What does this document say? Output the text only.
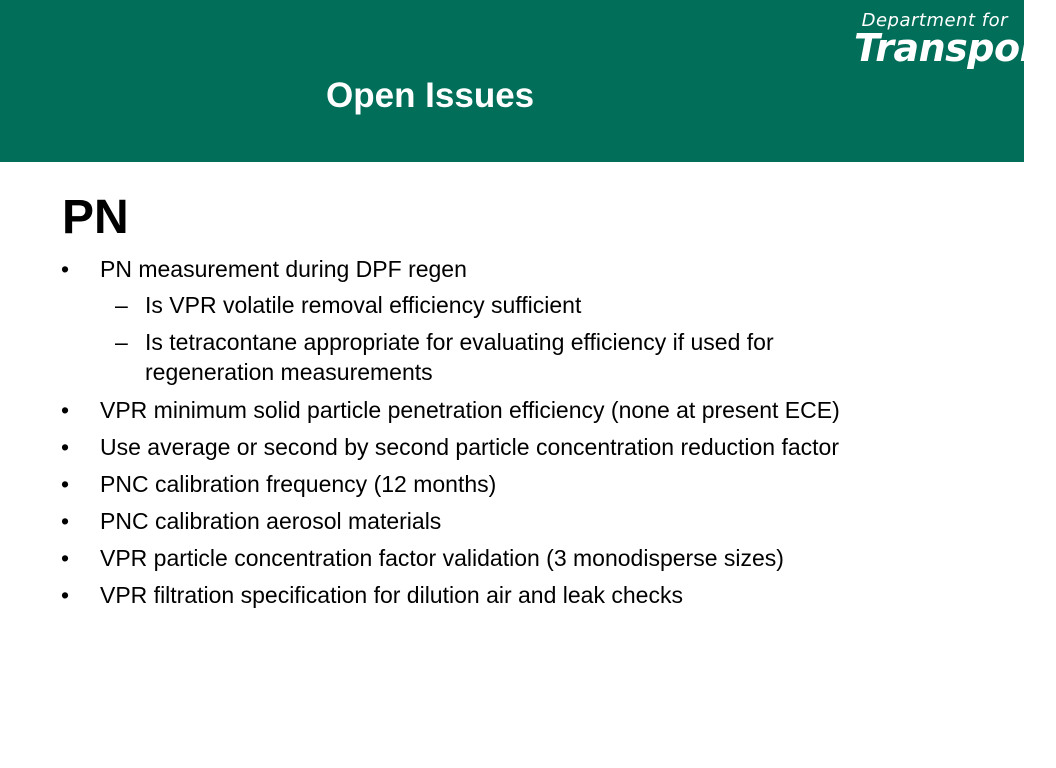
Open Issues
Department for
Transport
PN
• PN measurement during DPF regen
– Is VPR volatile removal efficiency sufficient
– Is tetracontane appropriate for evaluating efficiency if used for
regeneration measurements
• VPR minimum solid particle penetration efficiency (none at present ECE)
• Use average or second by second particle concentration reduction factor
• PNC calibration frequency (12 months)
• PNC calibration aerosol materials
• VPR particle concentration factor validation (3 monodisperse sizes)
• VPR filtration specification for dilution air and leak checks
